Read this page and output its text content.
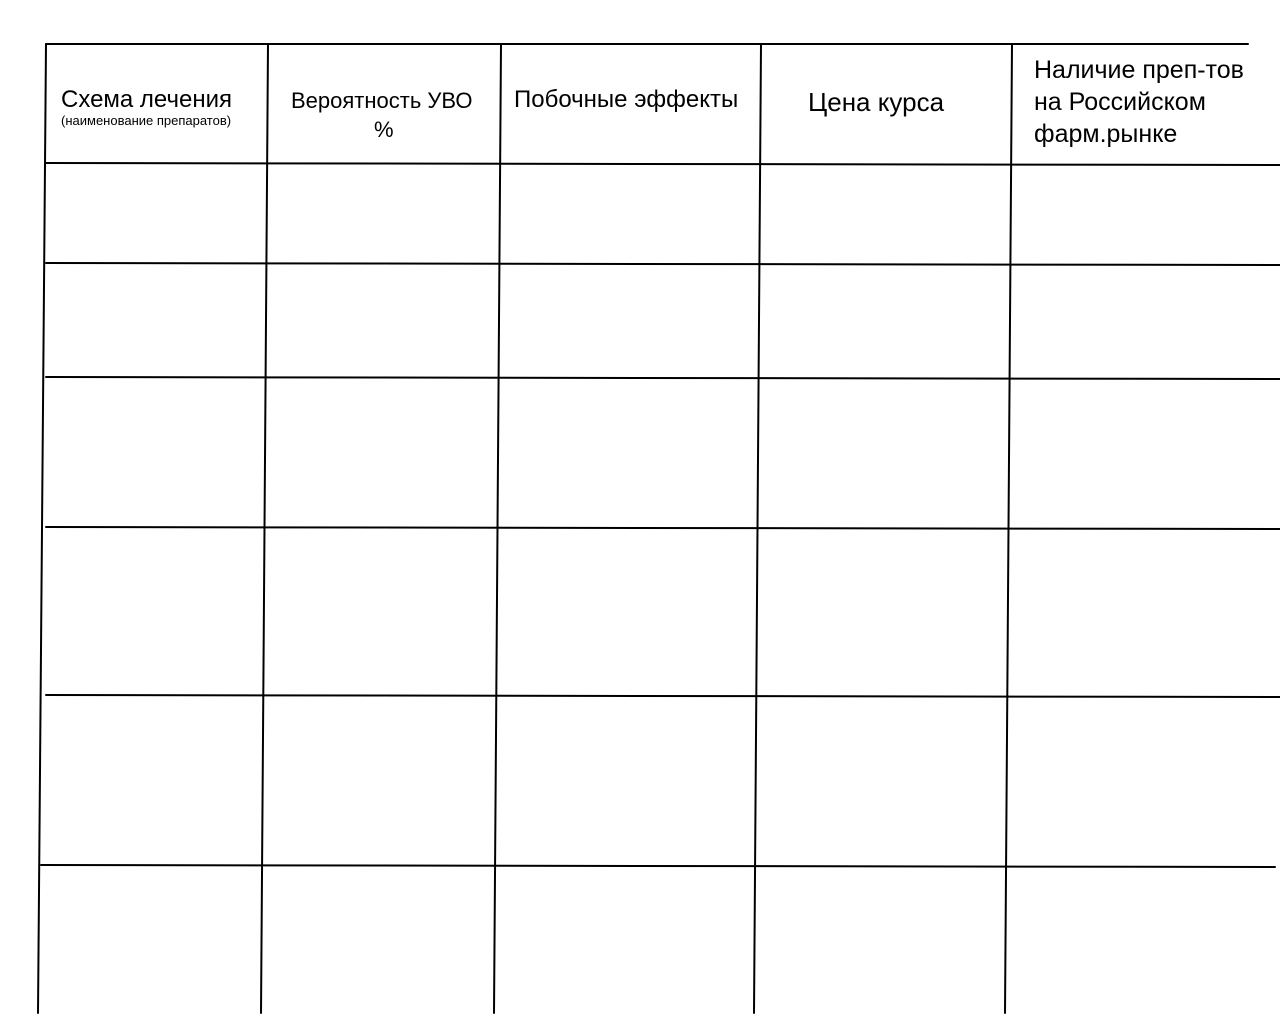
Схема лечения
(наименование препаратов)
Вероятность УВО
%
Побочные эффекты	Цена курса
Наличие преп-тов
на Российском
фарм.рынке
